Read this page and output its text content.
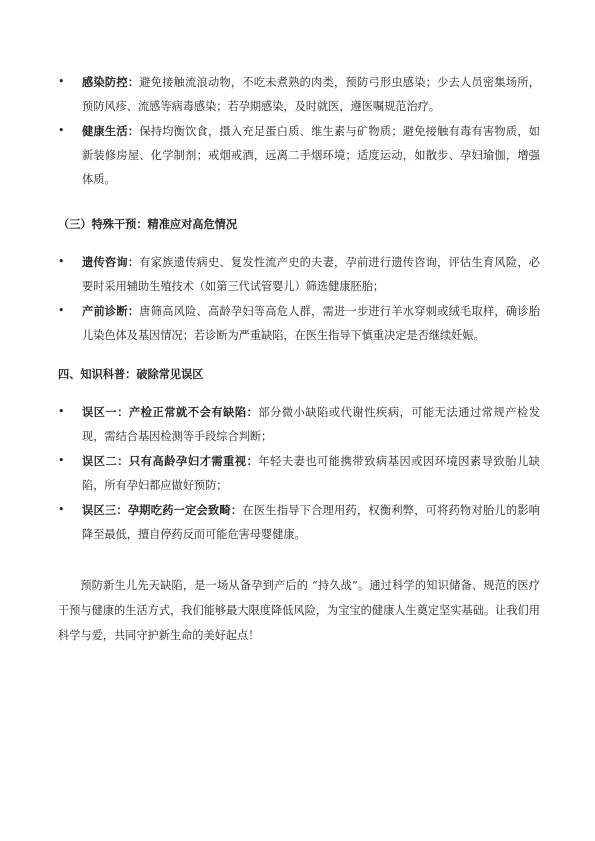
• 感染防控：避免接触流浪动物，不吃未煮熟的肉类，预防弓形虫感染；少去人员密集场所，预防风疹、流感等病毒感染；若孕期感染，及时就医，遵医嘱规范治疗。
• 健康生活：保持均衡饮食，摄入充足蛋白质、维生素与矿物质；避免接触有毒有害物质，如新装修房屋、化学制剂；戒烟戒酒，远离二手烟环境；适度运动，如散步、孕妇瑜伽，增强体质。

（三）特殊干预：精准应对高危情况

• 遗传咨询：有家族遗传病史、复发性流产史的夫妻，孕前进行遗传咨询，评估生育风险，必要时采用辅助生殖技术（如第三代试管婴儿）筛选健康胚胎；
• 产前诊断：唐筛高风险、高龄孕妇等高危人群，需进一步进行羊水穿刺或绒毛取样，确诊胎儿染色体及基因情况；若诊断为严重缺陷，在医生指导下慎重决定是否继续妊娠。

四、知识科普：破除常见误区

• 误区一：产检正常就不会有缺陷：部分微小缺陷或代谢性疾病，可能无法通过常规产检发现，需结合基因检测等手段综合判断；
• 误区二：只有高龄孕妇才需重视：年轻夫妻也可能携带致病基因或因环境因素导致胎儿缺陷，所有孕妇都应做好预防；
• 误区三：孕期吃药一定会致畸：在医生指导下合理用药，权衡利弊，可将药物对胎儿的影响降至最低，擅自停药反而可能危害母婴健康。

预防新生儿先天缺陷，是一场从备孕到产后的 “持久战”。通过科学的知识储备、规范的医疗干预与健康的生活方式，我们能够最大限度降低风险，为宝宝的健康人生奠定坚实基础。让我们用科学与爱，共同守护新生命的美好起点！
